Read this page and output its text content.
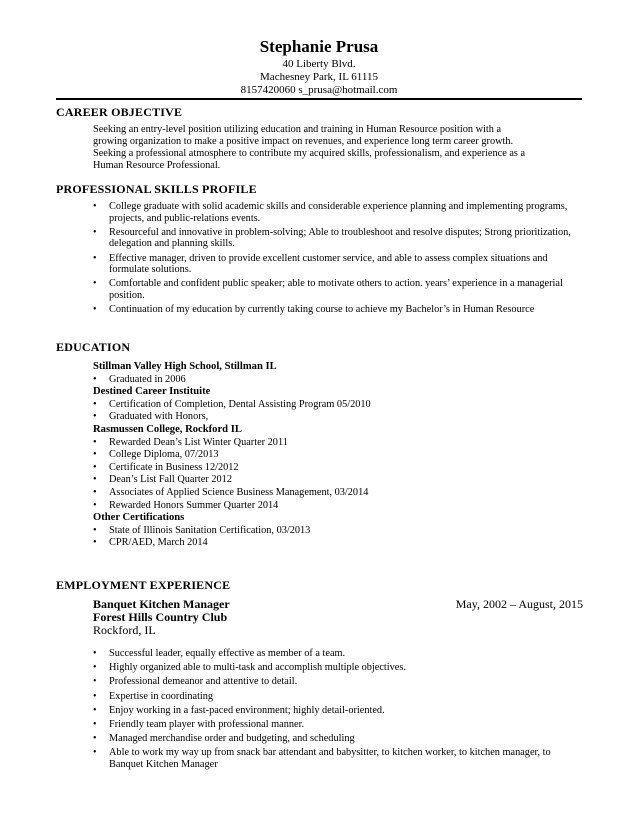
Stephanie Prusa
40 Liberty Blvd.
Machesney Park, IL 61115
8157420060 s_prusa@hotmail.com
CAREER OBJECTIVE
Seeking an entry-level position utilizing education and training in Human Resource position with a
growing organization to make a positive impact on revenues, and experience long term career growth.
Seeking a professional atmosphere to contribute my acquired skills, professionalism, and experience as a
Human Resource Professional.
PROFESSIONAL SKILLS PROFILE
• College graduate with solid academic skills and considerable experience planning and implementing programs, projects, and public-relations events.
• Resourceful and innovative in problem-solving; Able to troubleshoot and resolve disputes; Strong prioritization, delegation and planning skills.
• Effective manager, driven to provide excellent customer service, and able to assess complex situations and formulate solutions.
• Comfortable and confident public speaker; able to motivate others to action. years’ experience in a managerial position.
• Continuation of my education by currently taking course to achieve my Bachelor’s in Human Resource
EDUCATION
Stillman Valley High School, Stillman IL
• Graduated in 2006
Destined Career Instituite
• Certification of Completion, Dental Assisting Program 05/2010
• Graduated with Honors,
Rasmussen College, Rockford IL
• Rewarded Dean’s List Winter Quarter 2011
• College Diploma, 07/2013
• Certificate in Business 12/2012
• Dean’s List Fall Quarter 2012
• Associates of Applied Science Business Management, 03/2014
• Rewarded Honors Summer Quarter 2014
Other Certifications
• State of Illinois Sanitation Certification, 03/2013
• CPR/AED, March 2014
EMPLOYMENT EXPERIENCE
Banquet Kitchen Manager	May, 2002 – August, 2015
Forest Hills Country Club
Rockford, IL
• Successful leader, equally effective as member of a team.
• Highly organized able to multi-task and accomplish multiple objectives.
• Professional demeanor and attentive to detail.
• Expertise in coordinating
• Enjoy working in a fast-paced environment; highly detail-oriented.
• Friendly team player with professional manner.
• Managed merchandise order and budgeting, and scheduling
• Able to work my way up from snack bar attendant and babysitter, to kitchen worker, to kitchen manager, to Banquet Kitchen Manager
